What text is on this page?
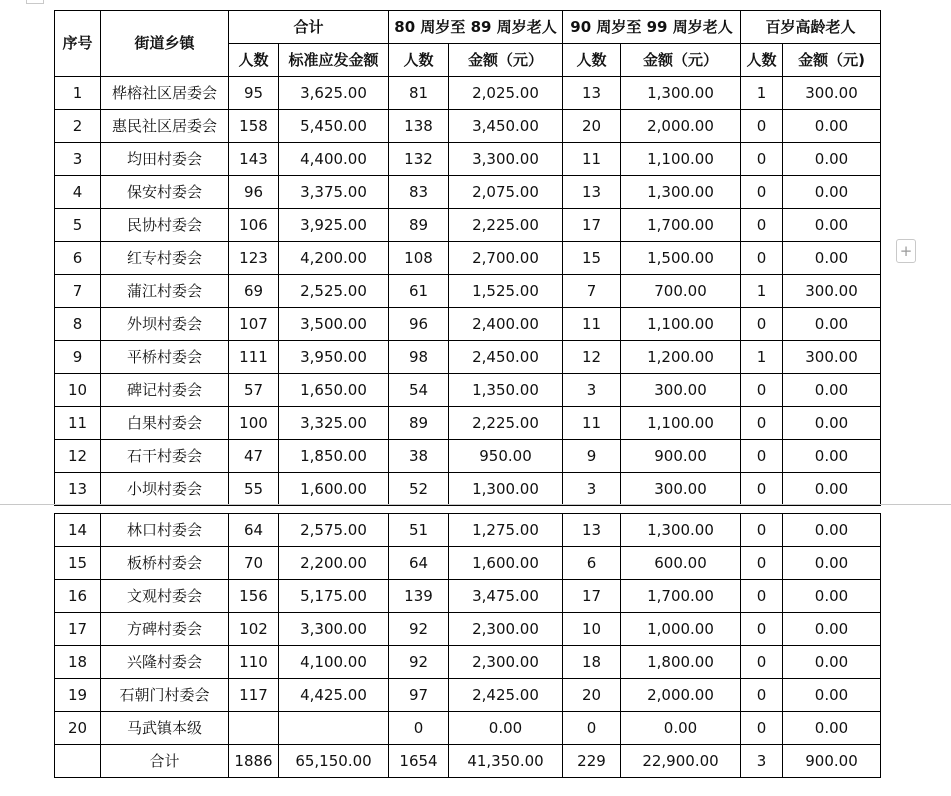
序号	街道乡镇	合计		80 周岁至 89 周岁老人		90 周岁至 99 周岁老人		百岁高龄老人	
		人数	标准应发金额	人数	金额（元）	人数	金额（元）	人数	金额（元)
1	桦榕社区居委会	95	3,625.00	81	2,025.00	13	1,300.00	1	300.00
2	惠民社区居委会	158	5,450.00	138	3,450.00	20	2,000.00	0	0.00
3	均田村委会	143	4,400.00	132	3,300.00	11	1,100.00	0	0.00
4	保安村委会	96	3,375.00	83	2,075.00	13	1,300.00	0	0.00
5	民协村委会	106	3,925.00	89	2,225.00	17	1,700.00	0	0.00
6	红专村委会	123	4,200.00	108	2,700.00	15	1,500.00	0	0.00
7	蒲江村委会	69	2,525.00	61	1,525.00	7	700.00	1	300.00
8	外坝村委会	107	3,500.00	96	2,400.00	11	1,100.00	0	0.00
9	平桥村委会	111	3,950.00	98	2,450.00	12	1,200.00	1	300.00
10	碑记村委会	57	1,650.00	54	1,350.00	3	300.00	0	0.00
11	白果村委会	100	3,325.00	89	2,225.00	11	1,100.00	0	0.00
12	石干村委会	47	1,850.00	38	950.00	9	900.00	0	0.00
13	小坝村委会	55	1,600.00	52	1,300.00	3	300.00	0	0.00
14	林口村委会	64	2,575.00	51	1,275.00	13	1,300.00	0	0.00
15	板桥村委会	70	2,200.00	64	1,600.00	6	600.00	0	0.00
16	文观村委会	156	5,175.00	139	3,475.00	17	1,700.00	0	0.00
17	方碑村委会	102	3,300.00	92	2,300.00	10	1,000.00	0	0.00
18	兴隆村委会	110	4,100.00	92	2,300.00	18	1,800.00	0	0.00
19	石朝门村委会	117	4,425.00	97	2,425.00	20	2,000.00	0	0.00
20	马武镇本级			0	0.00	0	0.00	0	0.00
	合计	1886	65,150.00	1654	41,350.00	229	22,900.00	3	900.00
+
